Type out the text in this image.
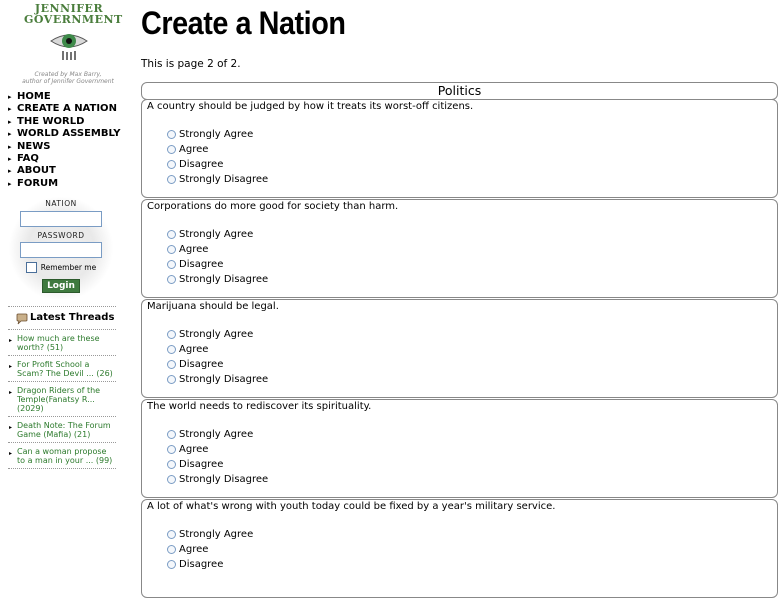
JENNIFER
GOVERNMENT
Created by Max Barry,
author of Jennifer Government
▸ HOME
▸ CREATE A NATION
▸ THE WORLD
▸ WORLD ASSEMBLY
▸ NEWS
▸ FAQ
▸ ABOUT
▸ FORUM
NATION
PASSWORD
Remember me
Login
Latest Threads
▸ How much are these worth? (51)
▸ For Profit School a Scam? The Devil ... (26)
▸ Dragon Riders of the Temple(Fanatsy R... (2029)
▸ Death Note: The Forum Game (Mafia) (21)
▸ Can a woman propose to a man in your ... (99)
Create a Nation
This is page 2 of 2.
Politics
A country should be judged by how it treats its worst-off citizens.
Strongly Agree
Agree
Disagree
Strongly Disagree
Corporations do more good for society than harm.
Strongly Agree
Agree
Disagree
Strongly Disagree
Marijuana should be legal.
Strongly Agree
Agree
Disagree
Strongly Disagree
The world needs to rediscover its spirituality.
Strongly Agree
Agree
Disagree
Strongly Disagree
A lot of what's wrong with youth today could be fixed by a year's military service.
Strongly Agree
Agree
Disagree
